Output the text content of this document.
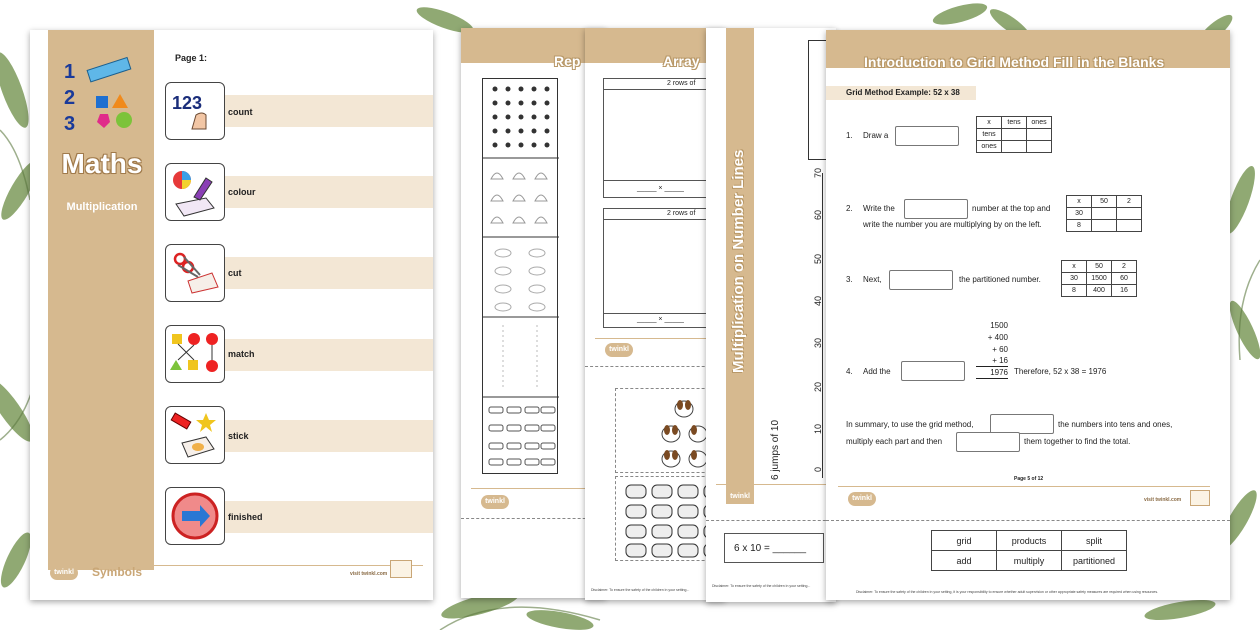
1
2
3
Maths
Multiplication
Page 1:
123	count
colour
cut
match
stick
finished
twinkl	Symbols	visit twinkl.com
Rep
twinkl
Array
2 rows of
_____ × _____
2 rows of
_____ × _____
twinkl
Disclaimer: To ensure the safety of the children in your setting...
Multiplication on Number Lines
0
10
20
30
40
50
60
70
6 jumps of 10
twinkl
6 x 10 = ______
Disclaimer: To ensure the safety of the children in your setting...
Introduction to Grid Method Fill in the Blanks
Grid Method Example: 52 x 38
1. Draw a
x	tens	ones
tens		
ones		
2. Write the	number at the top and
write the number you are multiplying by on the left.
x	50	2
30		
8		
3. Next,	the partitioned number.
x	50	2
30	1500	60
8	400	16
4. Add the
1500
+ 400
+ 60
+ 16
1976 Therefore, 52 x 38 = 1976
In summary, to use the grid method,	the numbers into tens and ones,
multiply each part and then	them together to find the total.
Page 5 of 12
twinkl	visit twinkl.com
grid	products	split
add	multiply	partitioned
Disclaimer: To ensure the safety of the children in your setting, it is your responsibility to ensure whether adult supervision or other appropriate safety measures are required when using resources.
